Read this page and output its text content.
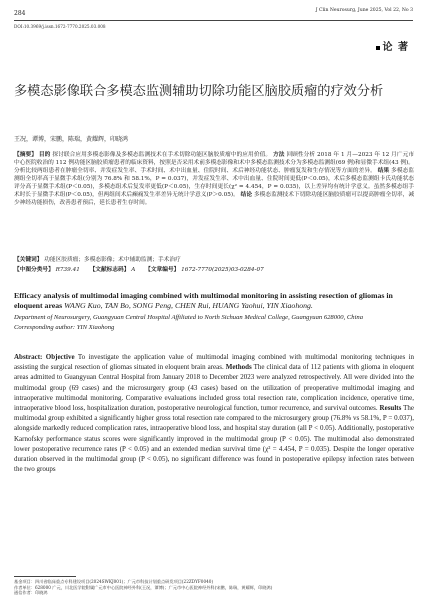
284	J Clin Neurosurg, June 2025, Vol 22, No 3
DOI:10.3969/j.issn.1672-7770.2025.03.008
论 著
多模态影像联合多模态监测辅助切除功能区脑胶质瘤的疗效分析
王况，谭博，宋鹏，陈瑞，黄耀辉，印晓鸿
【摘要】 目的 探讨联合应用多模态影像及多模态监测技术在手术切除功能区脑胶质瘤中的应用价值。 方法 回顾性分析 2018 年 1 月—2023 年 12 月广元市中心医院收治的 112 例功能区脑胶质瘤患者的临床资料，按照是否采用术前多模态影像和术中多模态监测技术分为多模态监测组(69 例)和显微手术组(43 例)。分析比较两组患者在肿瘤全切率、并发症发生率、手术时间、术中出血量、住院时间、术后神经功能状态、肿瘤复发和生存情况等方面的差异。 结果 多模态监测组全切率高于显微手术组(分别为 76.8% 和 58.1%，P = 0.037)，并发症发生率、术中出血量、住院时间更低(P＜0.05)，术后多模态监测组卡氏功能状态评分高于显微手术组(P＜0.05)，多模态组术后复发率更低(P＜0.05)，生存时间更长(χ² = 4.454，P = 0.035)，以上差异均有统计学意义。虽然多模态组手术时长于显微手术组(P＜0.05)，但两组间术后癫痫发生率差异无统计学意义(P＞0.05)。 结论 多模态监测技术下切除功能区脑胶质瘤可以提高肿瘤全切率，减少神经功能损伤，改善患者预后，延长患者生存时间。
【关键词】 功能区胶质瘤；多模态影像；术中辅助监测；手术治疗
【中图分类号】 R739.41 【文献标志码】 A 【文章编号】 1672-7770(2025)03-0284-07
Efficacy analysis of multimodal imaging combined with multimodal monitoring in assisting resection of gliomas in eloquent areas WANG Kuo, TAN Bo, SONG Peng, CHEN Rui, HUANG Yaohui, YIN Xiaohong.
Department of Neurosurgery, Guangyuan Central Hospital Affiliated to North Sichuan Medical College, Guangyuan 628000, China
Corresponding author: YIN Xiaohong
Abstract: Objective To investigate the application value of multimodal imaging combined with multimodal monitoring techniques in assisting the surgical resection of gliomas situated in eloquent brain areas. Methods The clinical data of 112 patients with glioma in eloquent areas admitted to Guangyuan Central Hospital from January 2018 to December 2023 were analyzed retrospectively. All were divided into the multimodal group (69 cases) and the microsurgery group (43 cases) based on the utilization of preoperative multimodal imaging and intraoperative multimodal monitoring. Comparative evaluations included gross total resection rate, complication incidence, operative time, intraoperative blood loss, hospitalization duration, postoperative neurological function, tumor recurrence, and survival outcomes. Results The multimodal group exhibited a significantly higher gross total resection rate compared to the microsurgery group (76.8% vs 58.1%, P = 0.037), alongside markedly reduced complication rates, intraoperative blood loss, and hospital stay duration (all P < 0.05). Additionally, postoperative Karnofsky performance status scores were significantly improved in the multimodal group (P < 0.05). The multimodal also demonstrated lower postoperative recurrence rates (P < 0.05) and an extended median survival time (χ² = 4.454, P = 0.035). Despite the longer operative duration observed in the multimodal group (P < 0.05), no significant difference was found in postoperative epilepsy infection rates between the two groups
基金项目：四川省临床重点专科建设项目(2024SWKJ001)；广元市科技计划重点研发项目(22ZDYF0040)
作者单位：628000 广元，川北医学院附属广元市中心医院神经外科(王况，谭博)；广元市中心医院神经外科(宋鹏，陈瑞，黄耀辉，印晓鸿)
通信作者：印晓鸿
